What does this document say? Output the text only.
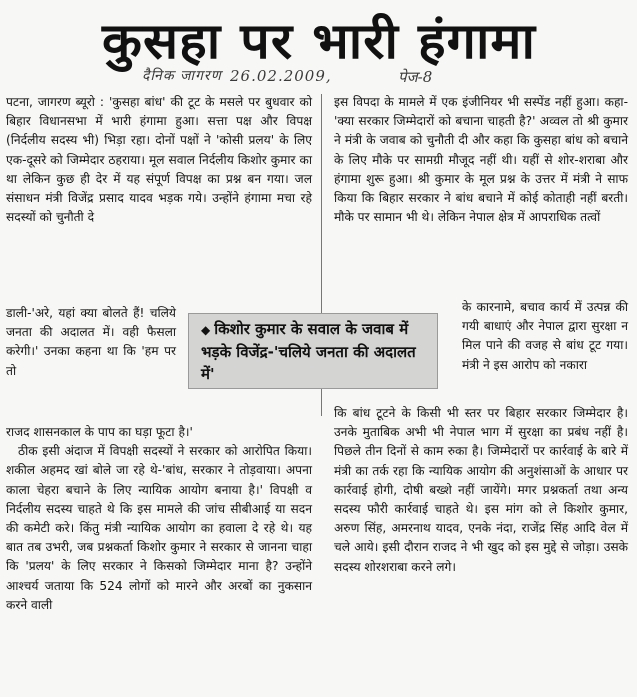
कुसहा पर भारी हंगामा
दैनिक जागरण 26.02.2009,	पेज-8

पटना, जागरण ब्यूरो : 'कुसहा बांध' की टूट के मसले पर बुधवार को बिहार विधानसभा में भारी हंगामा हुआ। सत्ता पक्ष और विपक्ष (निर्दलीय सदस्य भी) भिड़ा रहा। दोनों पक्षों ने 'कोसी प्रलय' के लिए एक-दूसरे को जिम्मेदार ठहराया। मूल सवाल निर्दलीय किशोर कुमार का था लेकिन कुछ ही देर में यह संपूर्ण विपक्ष का प्रश्न बन गया। जल संसाधन मंत्री विजेंद्र प्रसाद यादव भड़क गये। उन्होंने हंगामा मचा रहे सदस्यों को चुनौती दे

डाली-'अरे, यहां क्या बोलते हैं! चलिये जनता की अदालत में। वही फैसला करेगी।' उनका कहना था कि 'हम पर तो

राजद शासनकाल के पाप का घड़ा फूटा है।'

ठीक इसी अंदाज में विपक्षी सदस्यों ने सरकार को आरोपित किया। शकील अहमद खां बोले जा रहे थे-'बांध, सरकार ने तोड़वाया। अपना काला चेहरा बचाने के लिए न्यायिक आयोग बनाया है।' विपक्षी व निर्दलीय सदस्य चाहते थे कि इस मामले की जांच सीबीआई या सदन की कमेटी करे। किंतु मंत्री न्यायिक आयोग का हवाला दे रहे थे। यह बात तब उभरी, जब प्रश्नकर्ता किशोर कुमार ने सरकार से जानना चाहा कि 'प्रलय' के लिए सरकार ने किसको जिम्मेदार माना है? उन्होंने आश्चर्य जताया कि 524 लोगों को मारने और अरबों का नुकसान करने वाली

इस विपदा के मामले में एक इंजीनियर भी सस्पेंड नहीं हुआ। कहा-'क्या सरकार जिम्मेदारों को बचाना चाहती है?' अव्वल तो श्री कुमार ने मंत्री के जवाब को चुनौती दी और कहा कि कुसहा बांध को बचाने के लिए मौके पर सामग्री मौजूद नहीं थी। यहीं से शोर-शराबा और हंगामा शुरू हुआ। श्री कुमार के मूल प्रश्न के उत्तर में मंत्री ने साफ किया कि बिहार सरकार ने बांध बचाने में कोई कोताही नहीं बरती। मौके पर सामान भी थे। लेकिन नेपाल क्षेत्र में आपराधिक तत्वों

के कारनामे, बचाव कार्य में उत्पन्न की गयी बाधाएं और नेपाल द्वारा सुरक्षा न मिल पाने की वजह से बांध टूट गया। मंत्री ने इस आरोप को नकारा

कि बांध टूटने के किसी भी स्तर पर बिहार सरकार जिम्मेदार है। उनके मुताबिक अभी भी नेपाल भाग में सुरक्षा का प्रबंध नहीं है। पिछले तीन दिनों से काम रुका है। जिम्मेदारों पर कार्रवाई के बारे में मंत्री का तर्क रहा कि न्यायिक आयोग की अनुशंसाओं के आधार पर कार्रवाई होगी, दोषी बख्शे नहीं जायेंगे। मगर प्रश्नकर्ता तथा अन्य सदस्य फौरी कार्रवाई चाहते थे। इस मांग को ले किशोर कुमार, अरुण सिंह, अमरनाथ यादव, एनके नंदा, राजेंद्र सिंह आदि वेल में चले आये। इसी दौरान राजद ने भी खुद को इस मुद्दे से जोड़ा। उसके सदस्य शोरशराबा करने लगे।

◆ किशोर कुमार के सवाल के जवाब में भड़के विजेंद्र-'चलिये जनता की अदालत में'
